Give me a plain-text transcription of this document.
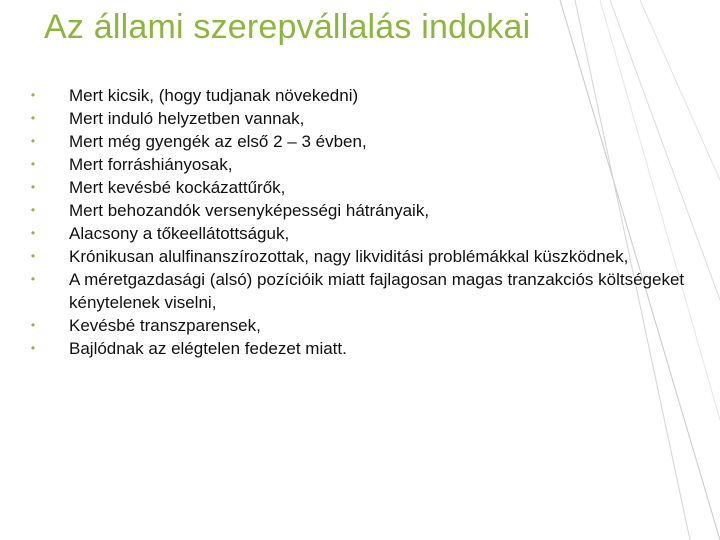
Az állami szerepvállalás indokai
• Mert kicsik, (hogy tudjanak növekedni)
• Mert induló helyzetben vannak,
• Mert még gyengék az első 2 – 3 évben,
• Mert forráshiányosak,
• Mert kevésbé kockázattűrők,
• Mert behozandók versenyképességi hátrányaik,
• Alacsony a tőkeellátottságuk,
• Krónikusan alulfinanszírozottak, nagy likviditási problémákkal küszködnek,
• A méretgazdasági (alsó) pozícióik miatt fajlagosan magas tranzakciós költségeket kénytelenek viselni,
• Kevésbé transzparensek,
• Bajlódnak az elégtelen fedezet miatt.
